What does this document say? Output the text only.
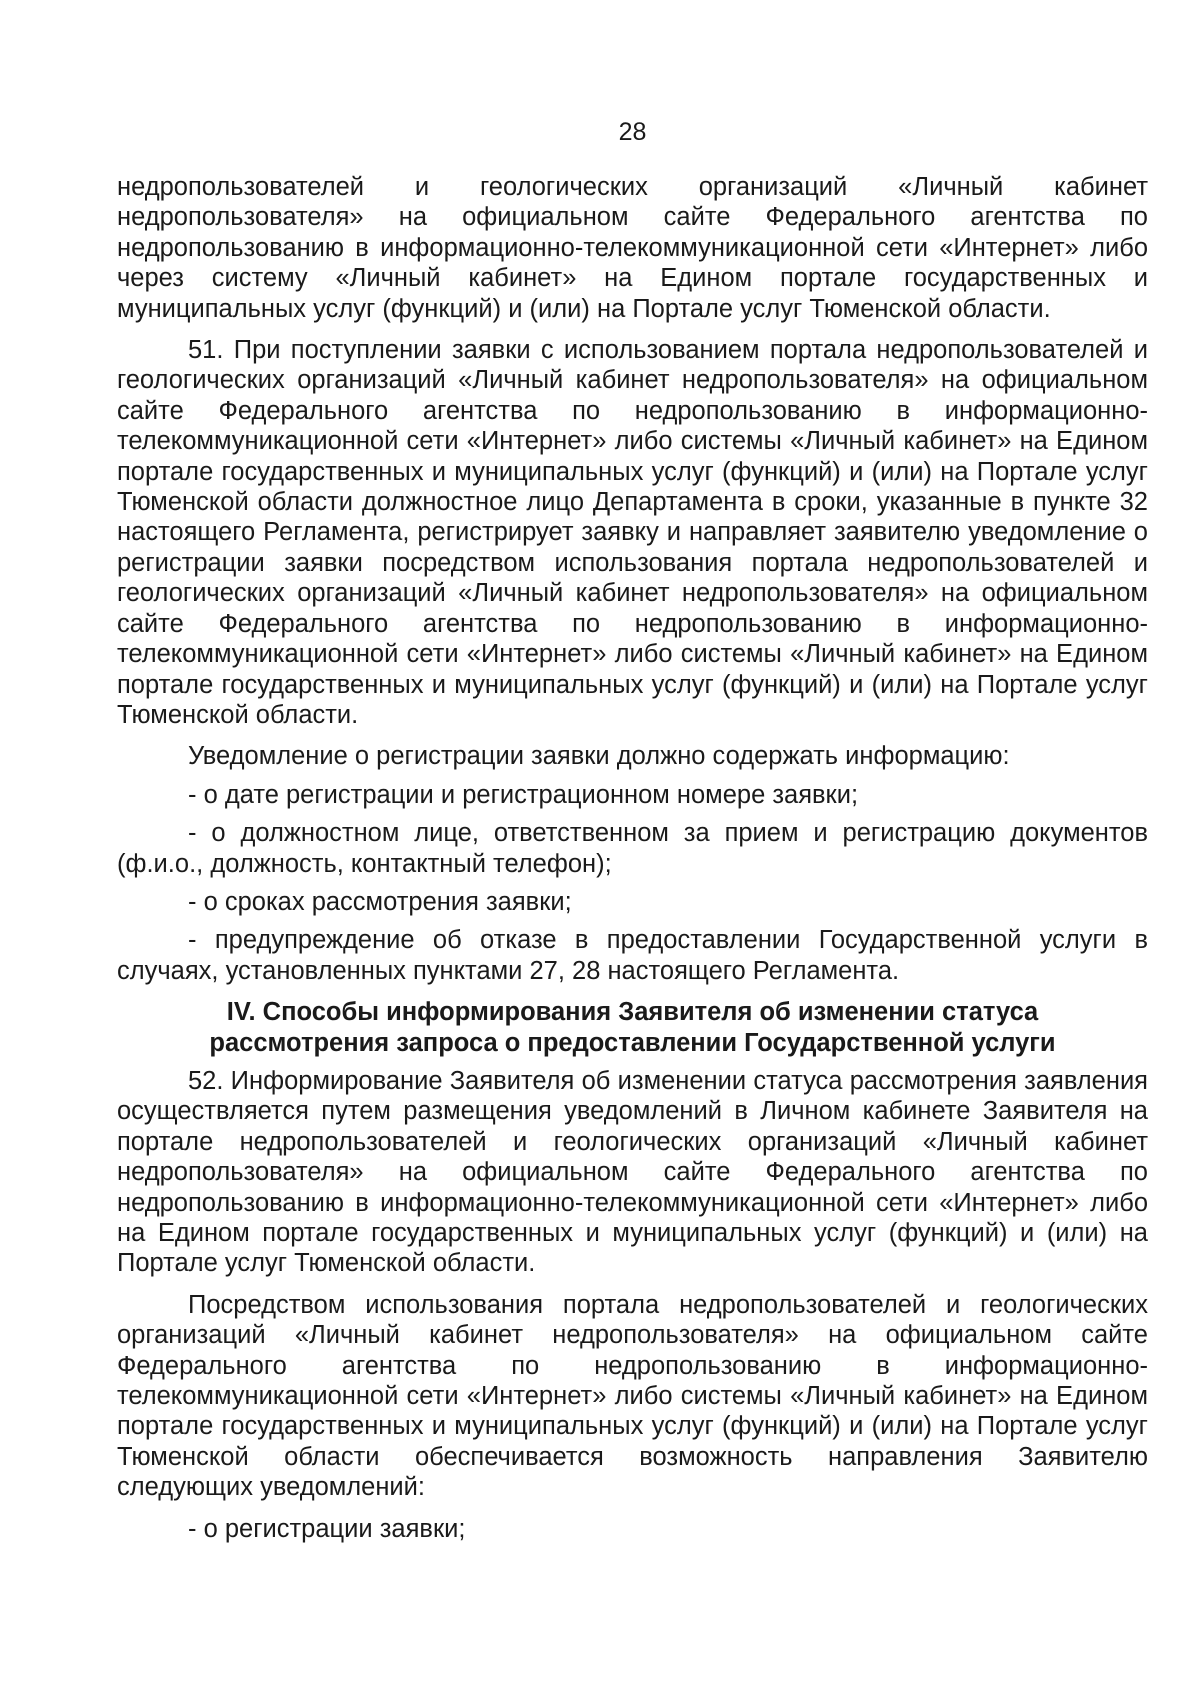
28

недропользователей и геологических организаций «Личный кабинет недропользователя» на официальном сайте Федерального агентства по недропользованию в информационно-телекоммуникационной сети «Интернет» либо через систему «Личный кабинет» на Едином портале государственных и муниципальных услуг (функций) и (или) на Портале услуг Тюменской области.

51. При поступлении заявки с использованием портала недропользователей и геологических организаций «Личный кабинет недропользователя» на официальном сайте Федерального агентства по недропользованию в информационно-телекоммуникационной сети «Интернет» либо системы «Личный кабинет» на Едином портале государственных и муниципальных услуг (функций) и (или) на Портале услуг Тюменской области должностное лицо Департамента в сроки, указанные в пункте 32 настоящего Регламента, регистрирует заявку и направляет заявителю уведомление о регистрации заявки посредством использования портала недропользователей и геологических организаций «Личный кабинет недропользователя» на официальном сайте Федерального агентства по недропользованию в информационно-телекоммуникационной сети «Интернет» либо системы «Личный кабинет» на Едином портале государственных и муниципальных услуг (функций) и (или) на Портале услуг Тюменской области.

Уведомление о регистрации заявки должно содержать информацию:

- о дате регистрации и регистрационном номере заявки;

- о должностном лице, ответственном за прием и регистрацию документов (ф.и.о., должность, контактный телефон);

- о сроках рассмотрения заявки;

- предупреждение об отказе в предоставлении Государственной услуги в случаях, установленных пунктами 27, 28 настоящего Регламента.

IV. Способы информирования Заявителя об изменении статуса
рассмотрения запроса о предоставлении Государственной услуги

52. Информирование Заявителя об изменении статуса рассмотрения заявления осуществляется путем размещения уведомлений в Личном кабинете Заявителя на портале недропользователей и геологических организаций «Личный кабинет недропользователя» на официальном сайте Федерального агентства по недропользованию в информационно-телекоммуникационной сети «Интернет» либо на Едином портале государственных и муниципальных услуг (функций) и (или) на Портале услуг Тюменской области.

Посредством использования портала недропользователей и геологических организаций «Личный кабинет недропользователя» на официальном сайте Федерального агентства по недропользованию в информационно-телекоммуникационной сети «Интернет» либо системы «Личный кабинет» на Едином портале государственных и муниципальных услуг (функций) и (или) на Портале услуг Тюменской области обеспечивается возможность направления Заявителю следующих уведомлений:

- о регистрации заявки;
